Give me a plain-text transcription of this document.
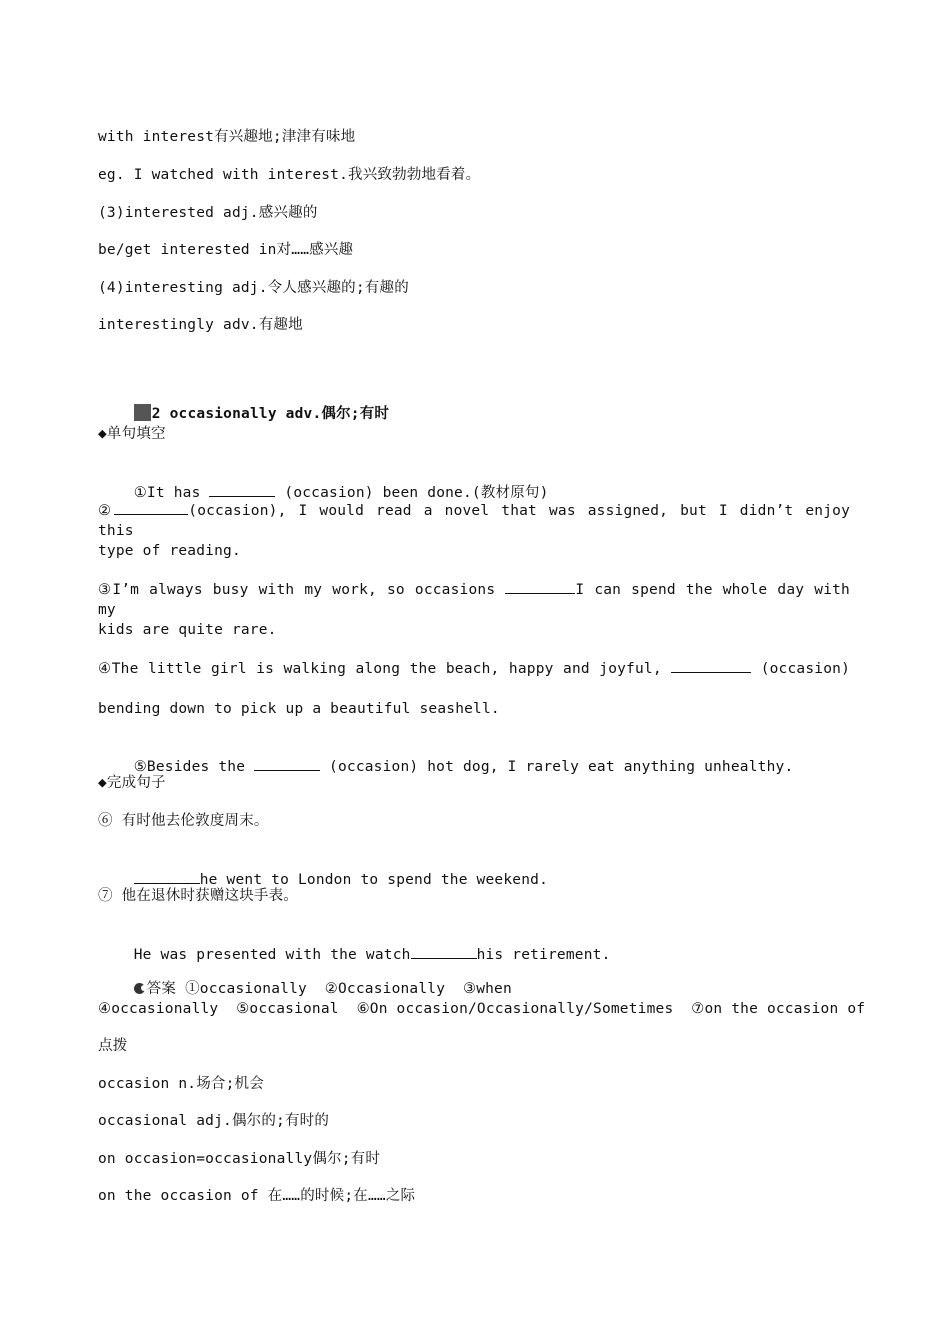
with interest有兴趣地;津津有味地
eg. I watched with interest.我兴致勃勃地看着。
(3)interested adj.感兴趣的
be/get interested in对……感兴趣
(4)interesting adj.令人感兴趣的;有趣的
interestingly adv.有趣地

2 occasionally adv.偶尔;有时

◆单句填空

①It has	(occasion) been done.(教材原句)

②	(occasion), I would read a novel that was assigned, but I didn’t enjoy this
type of reading.
③I’m always busy with my work, so occasions	I can spend the whole day with my
kids are quite rare.
④The little girl is walking along the beach, happy and joyful,	(occasion)
bending down to pick up a beautiful seashell.

⑤Besides the	(occasion) hot dog, I rarely eat anything unhealthy.

◆完成句子
⑥ 有时他去伦敦度周末。

he went to London to spend the weekend.

⑦ 他在退休时获赠这块手表。

He was presented with the watch	his retirement.

答案 ①occasionally  ②Occasionally  ③when

④occasionally  ⑤occasional  ⑥On occasion/Occasionally/Sometimes  ⑦on the occasion of
点拨
occasion n.场合;机会
occasional adj.偶尔的;有时的
on occasion=occasionally偶尔;有时
on the occasion of 在……的时候;在……之际
